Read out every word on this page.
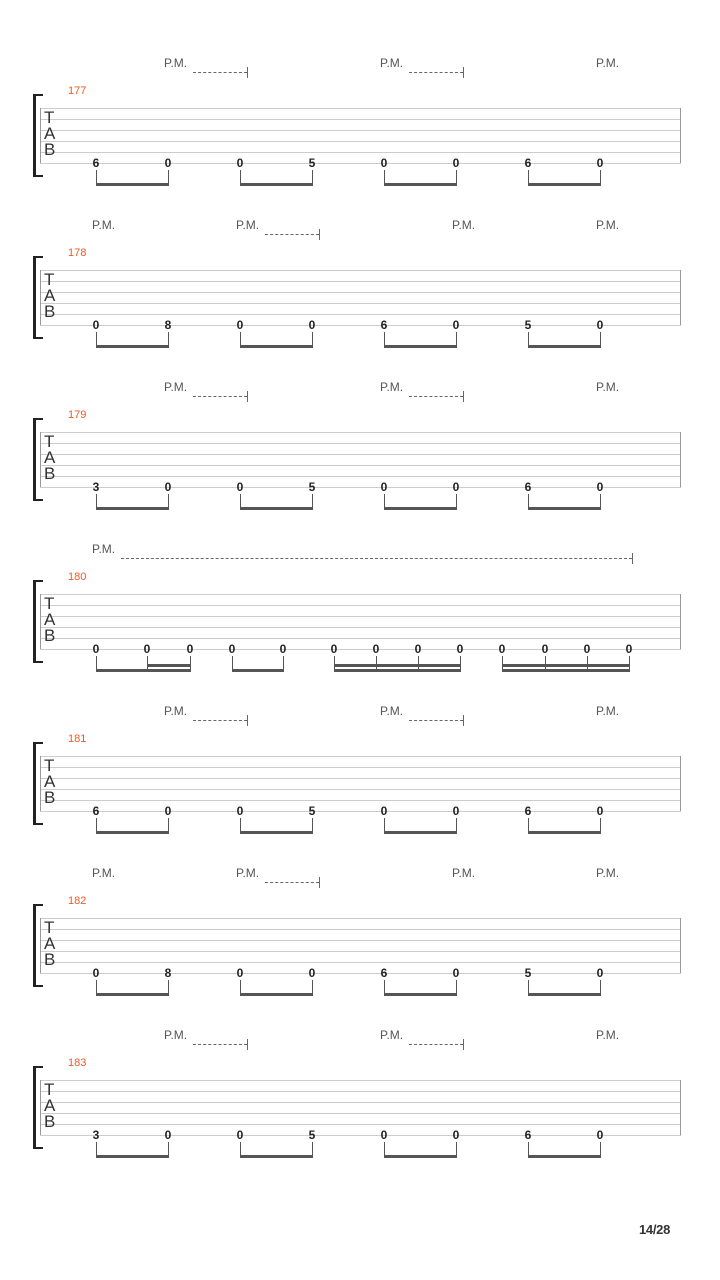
P.M.	P.M.	P.M.
177
T
A
B
6	0	0	5	0	0	6	0
P.M.	P.M.	P.M.	P.M.
178
T
A
B
0	8	0	0	6	0	5	0
P.M.	P.M.	P.M.
179
T
A
B
3	0	0	5	0	0	6	0
P.M.
180
T
A
B
0	0	0	0	0	0	0	0	0	0	0	0	0
P.M.	P.M.	P.M.
181
T
A
B
6	0	0	5	0	0	6	0
P.M.	P.M.	P.M.	P.M.
182
T
A
B
0	8	0	0	6	0	5	0
P.M.	P.M.	P.M.
183
T
A
B
3	0	0	5	0	0	6	0
14/28
